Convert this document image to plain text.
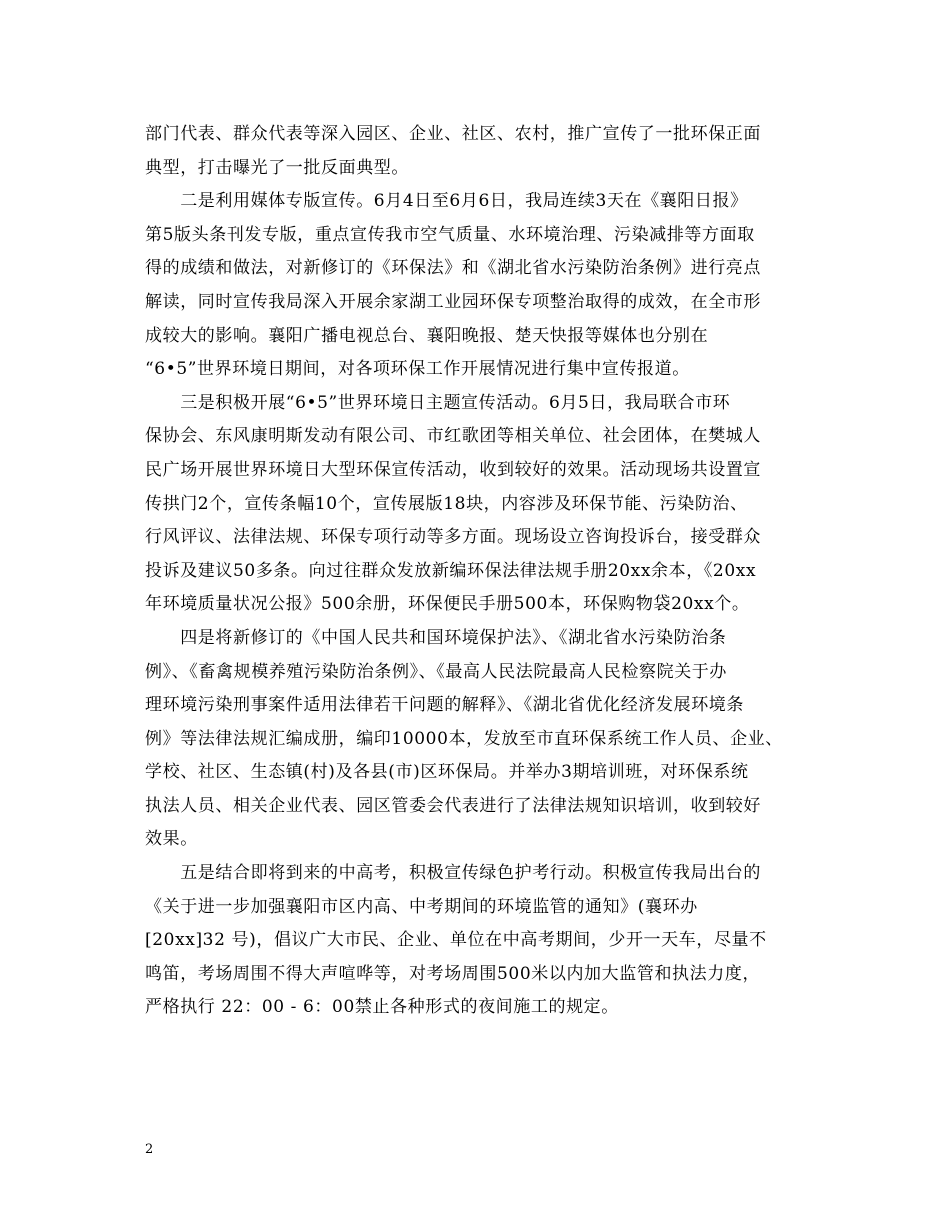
部门代表、群众代表等深入园区、企业、社区、农村，推广宣传了一批环保正面
典型，打击曝光了一批反面典型。
　　二是利用媒体专版宣传。6月4日至6月6日，我局连续3天在《襄阳日报》
第5版头条刊发专版，重点宣传我市空气质量、水环境治理、污染减排等方面取
得的成绩和做法，对新修订的《环保法》和《湖北省水污染防治条例》进行亮点
解读，同时宣传我局深入开展余家湖工业园环保专项整治取得的成效，在全市形
成较大的影响。襄阳广播电视总台、襄阳晚报、楚天快报等媒体也分别在
“6•5”世界环境日期间，对各项环保工作开展情况进行集中宣传报道。
　　三是积极开展“6•5”世界环境日主题宣传活动。6月5日，我局联合市环
保协会、东风康明斯发动有限公司、市红歌团等相关单位、社会团体，在樊城人
民广场开展世界环境日大型环保宣传活动，收到较好的效果。活动现场共设置宣
传拱门2个，宣传条幅10个，宣传展版18块，内容涉及环保节能、污染防治、
行风评议、法律法规、环保专项行动等多方面。现场设立咨询投诉台，接受群众
投诉及建议50多条。向过往群众发放新编环保法律法规手册20xx余本，《20xx
年环境质量状况公报》500余册，环保便民手册500本，环保购物袋20xx个。
　　四是将新修订的《中国人民共和国环境保护法》、《湖北省水污染防治条
例》、《畜禽规模养殖污染防治条例》、《最高人民法院最高人民检察院关于办
理环境污染刑事案件适用法律若干问题的解释》、《湖北省优化经济发展环境条
例》等法律法规汇编成册，编印10000本，发放至市直环保系统工作人员、企业、
学校、社区、生态镇(村)及各县(市)区环保局。并举办3期培训班，对环保系统
执法人员、相关企业代表、园区管委会代表进行了法律法规知识培训，收到较好
效果。
　　五是结合即将到来的中高考，积极宣传绿色护考行动。积极宣传我局出台的
《关于进一步加强襄阳市区内高、中考期间的环境监管的通知》(襄环办
[20xx]32 号)，倡议广大市民、企业、单位在中高考期间，少开一天车，尽量不
鸣笛，考场周围不得大声喧哗等，对考场周围500米以内加大监管和执法力度，
严格执行 22：00 - 6：00禁止各种形式的夜间施工的规定。
2
